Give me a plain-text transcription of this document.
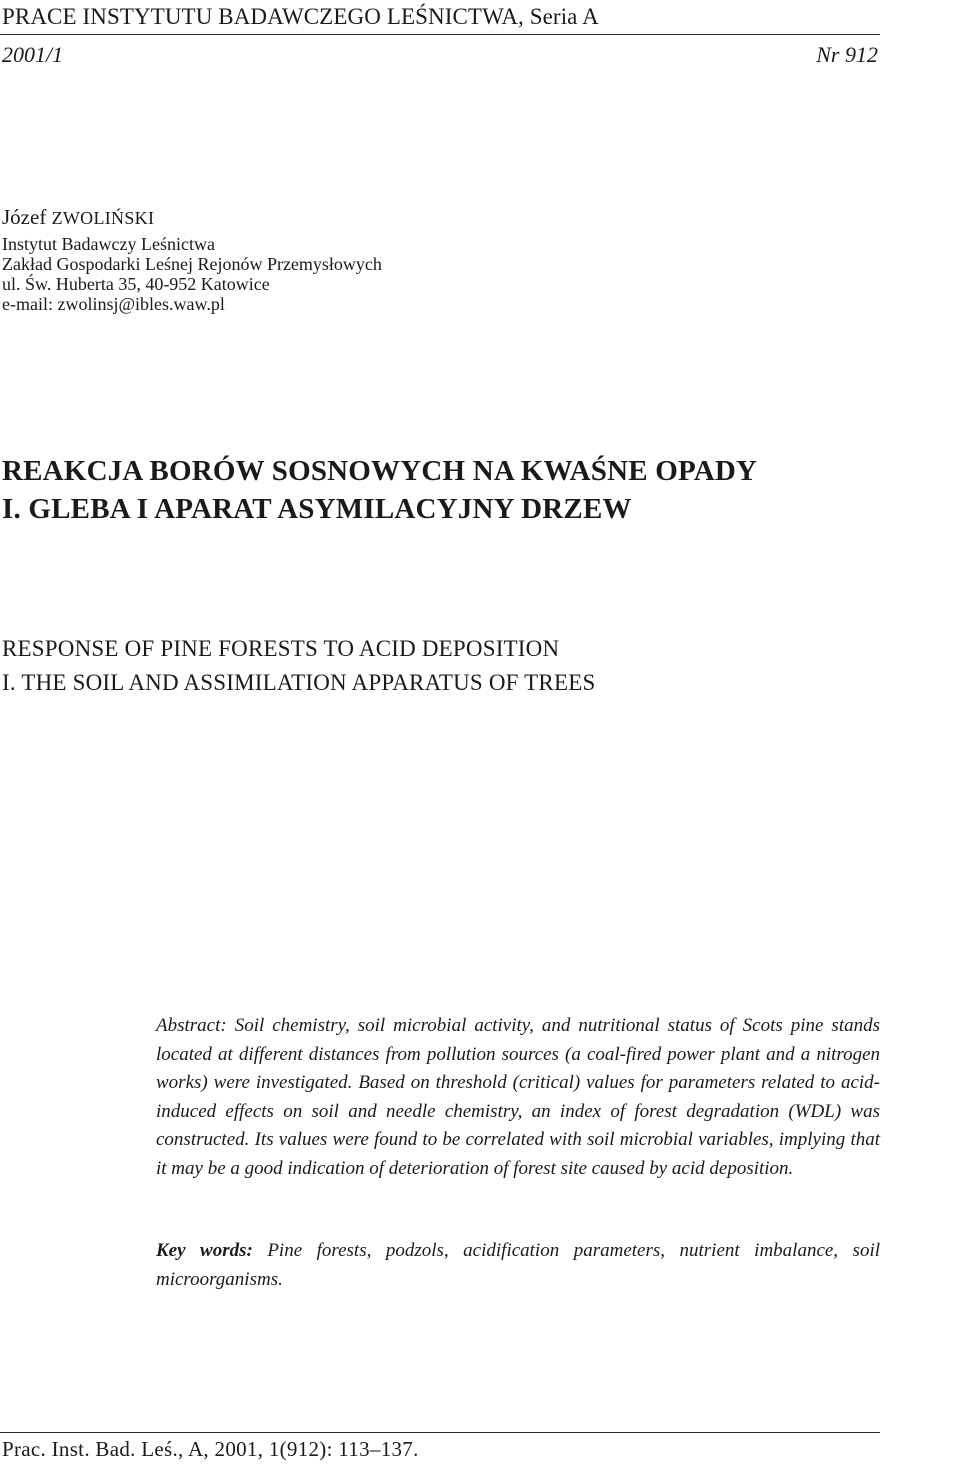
PRACE INSTYTUTU BADAWCZEGO LEŚNICTWA, Seria A
2001/1	Nr 912
Józef ZWOLIŃSKI
Instytut Badawczy Leśnictwa
Zakład Gospodarki Leśnej Rejonów Przemysłowych
ul. Św. Huberta 35, 40-952 Katowice
e-mail: zwolinsj@ibles.waw.pl
REAKCJA BORÓW SOSNOWYCH NA KWAŚNE OPADY
I. GLEBA I APARAT ASYMILACYJNY DRZEW
RESPONSE OF PINE FORESTS TO ACID DEPOSITION
I. THE SOIL AND ASSIMILATION APPARATUS OF TREES
Abstract: Soil chemistry, soil microbial activity, and nutritional status of Scots pine stands located at different distances from pollution sources (a coal-fired power plant and a nitrogen works) were investigated. Based on threshold (critical) values for parameters related to acid-induced effects on soil and needle chemistry, an index of forest degradation (WDL) was constructed. Its values were found to be correlated with soil microbial variables, implying that it may be a good indication of deterioration of forest site caused by acid deposition.
Key words: Pine forests, podzols, acidification parameters, nutrient imbalance, soil microorganisms.
Prac. Inst. Bad. Leś., A, 2001, 1(912): 113–137.
